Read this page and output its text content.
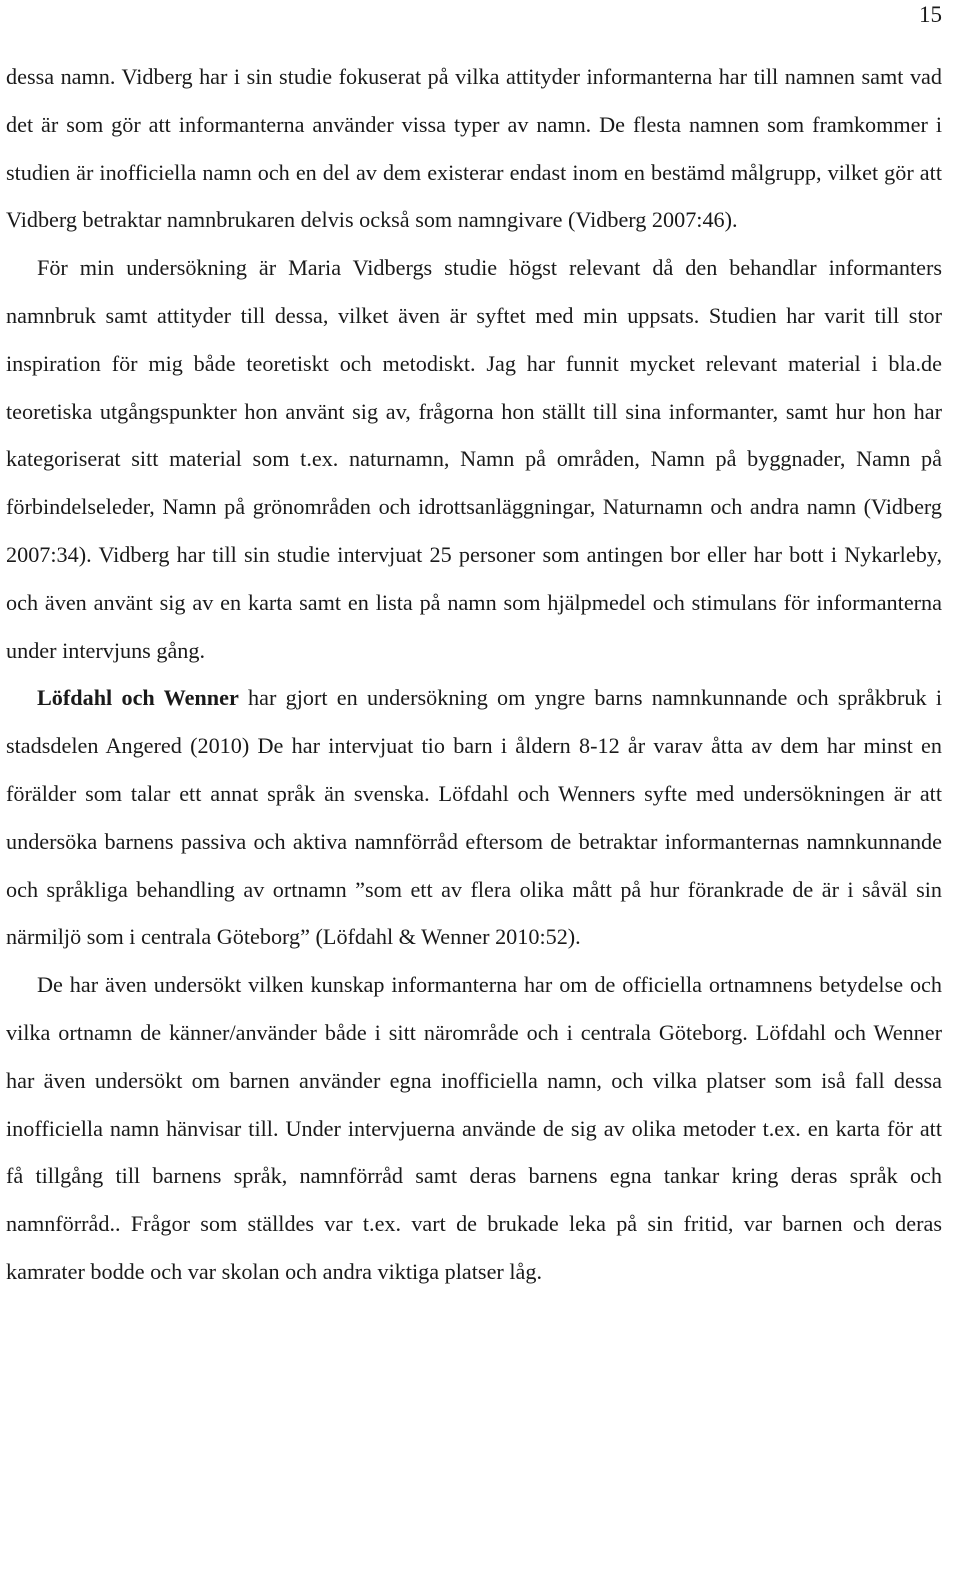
15

dessa namn. Vidberg har i sin studie fokuserat på vilka attityder informanterna har till namnen samt vad det är som gör att informanterna använder vissa typer av namn. De flesta namnen som framkommer i studien är inofficiella namn och en del av dem existerar endast inom en bestämd målgrupp, vilket gör att Vidberg betraktar namnbrukaren delvis också som namngivare (Vidberg 2007:46).

För min undersökning är Maria Vidbergs studie högst relevant då den behandlar informanters namnbruk samt attityder till dessa, vilket även är syftet med min uppsats. Studien har varit till stor inspiration för mig både teoretiskt och metodiskt. Jag har funnit mycket relevant material i bla.de teoretiska utgångspunkter hon använt sig av, frågorna hon ställt till sina informanter, samt hur hon har kategoriserat sitt material som t.ex. naturnamn, Namn på områden, Namn på byggnader, Namn på förbindelseleder, Namn på grönområden och idrottsanläggningar, Naturnamn och andra namn (Vidberg 2007:34). Vidberg har till sin studie intervjuat 25 personer som antingen bor eller har bott i Nykarleby, och även använt sig av en karta samt en lista på namn som hjälpmedel och stimulans för informanterna under intervjuns gång.

Löfdahl och Wenner har gjort en undersökning om yngre barns namnkunnande och språkbruk i stadsdelen Angered (2010) De har intervjuat tio barn i åldern 8-12 år varav åtta av dem har minst en förälder som talar ett annat språk än svenska. Löfdahl och Wenners syfte med undersökningen är att undersöka barnens passiva och aktiva namnförråd eftersom de betraktar informanternas namnkunnande och språkliga behandling av ortnamn ”som ett av flera olika mått på hur förankrade de är i såväl sin närmiljö som i centrala Göteborg” (Löfdahl & Wenner 2010:52).

De har även undersökt vilken kunskap informanterna har om de officiella ortnamnens betydelse och vilka ortnamn de känner/använder både i sitt närområde och i centrala Göteborg. Löfdahl och Wenner har även undersökt om barnen använder egna inofficiella namn, och vilka platser som iså fall dessa inofficiella namn hänvisar till. Under intervjuerna använde de sig av olika metoder t.ex. en karta för att få tillgång till barnens språk, namnförråd samt deras barnens egna tankar kring deras språk och namnförråd.. Frågor som ställdes var t.ex. vart de brukade leka på sin fritid, var barnen och deras kamrater bodde och var skolan och andra viktiga platser låg.
